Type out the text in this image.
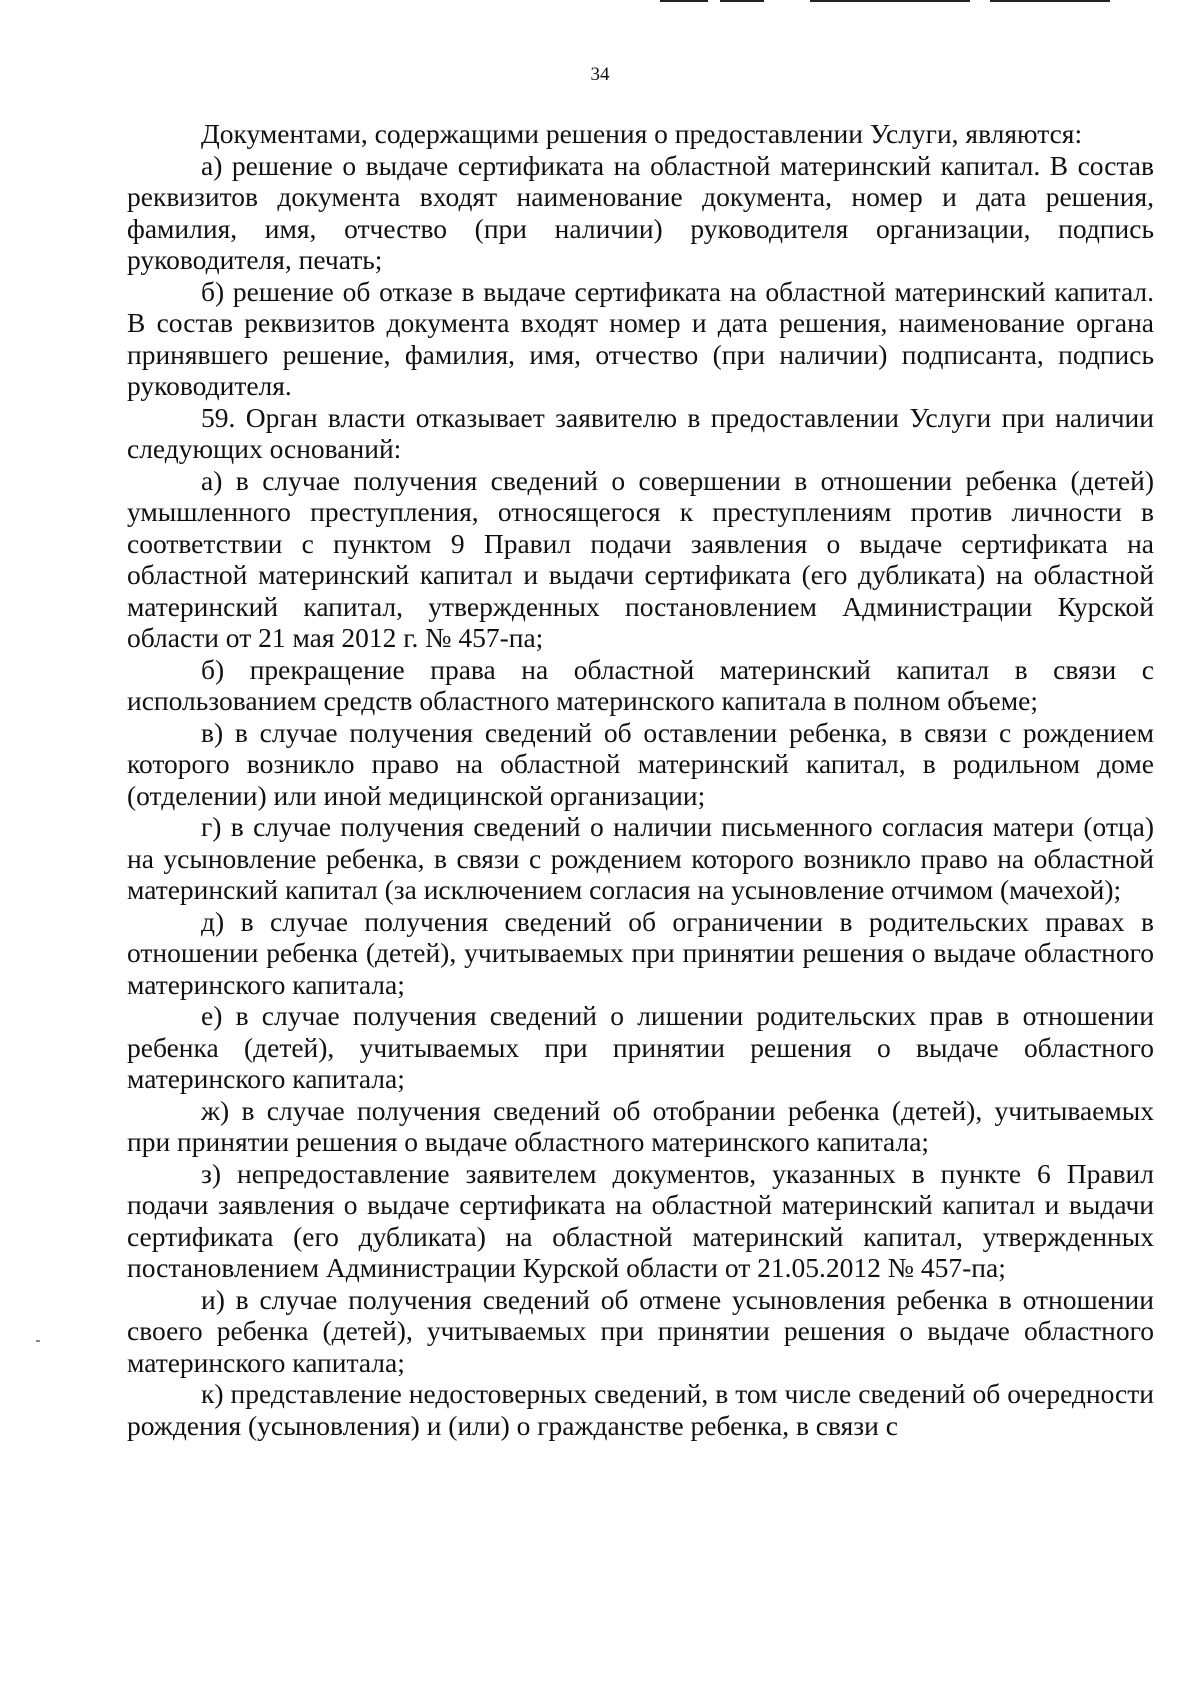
34

Документами, содержащими решения о предоставлении Услуги, являются:

а) решение о выдаче сертификата на областной материнский капитал. В состав реквизитов документа входят наименование документа, номер и дата решения, фамилия, имя, отчество (при наличии) руководителя организации, подпись руководителя, печать;

б) решение об отказе в выдаче сертификата на областной материнский капитал. В состав реквизитов документа входят номер и дата решения, наименование органа принявшего решение, фамилия, имя, отчество (при наличии) подписанта, подпись руководителя.

59. Орган власти отказывает заявителю в предоставлении Услуги при наличии следующих оснований:

а) в случае получения сведений о совершении в отношении ребенка (детей) умышленного преступления, относящегося к преступлениям против личности в соответствии с пунктом 9 Правил подачи заявления о выдаче сертификата на областной материнский капитал и выдачи сертификата (его дубликата) на областной материнский капитал, утвержденных постановлением Администрации Курской области от 21 мая 2012 г. № 457-па;

б) прекращение права на областной материнский капитал в связи с использованием средств областного материнского капитала в полном объеме;

в) в случае получения сведений об оставлении ребенка, в связи с рождением которого возникло право на областной материнский капитал, в родильном доме (отделении) или иной медицинской организации;

г) в случае получения сведений о наличии письменного согласия матери (отца) на усыновление ребенка, в связи с рождением которого возникло право на областной материнский капитал (за исключением согласия на усыновление отчимом (мачехой);

д) в случае получения сведений об ограничении в родительских правах в отношении ребенка (детей), учитываемых при принятии решения о выдаче областного материнского капитала;

е) в случае получения сведений о лишении родительских прав в отношении ребенка (детей), учитываемых при принятии решения о выдаче областного материнского капитала;

ж) в случае получения сведений об отобрании ребенка (детей), учитываемых при принятии решения о выдаче областного материнского капитала;

з) непредоставление заявителем документов, указанных в пункте 6 Правил подачи заявления о выдаче сертификата на областной материнский капитал и выдачи сертификата (его дубликата) на областной материнский капитал, утвержденных постановлением Администрации Курской области от 21.05.2012 № 457-па;

и) в случае получения сведений об отмене усыновления ребенка в отношении своего ребенка (детей), учитываемых при принятии решения о выдаче областного материнского капитала;

к) представление недостоверных сведений, в том числе сведений об очередности рождения (усыновления) и (или) о гражданстве ребенка, в связи с
